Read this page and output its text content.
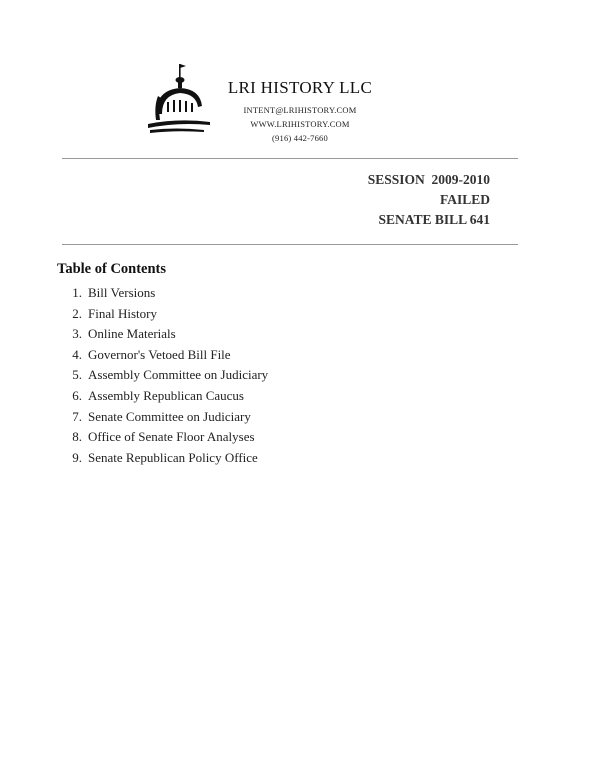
LRI HISTORY LLC
INTENT@LRIHISTORY.COM
WWW.LRIHISTORY.COM
(916) 442-7660
SESSION  2009-2010
FAILED
SENATE BILL 641
Table of Contents
1. Bill Versions
2. Final History
3. Online Materials
4. Governor's Vetoed Bill File
5. Assembly Committee on Judiciary
6. Assembly Republican Caucus
7. Senate Committee on Judiciary
8. Office of Senate Floor Analyses
9. Senate Republican Policy Office
